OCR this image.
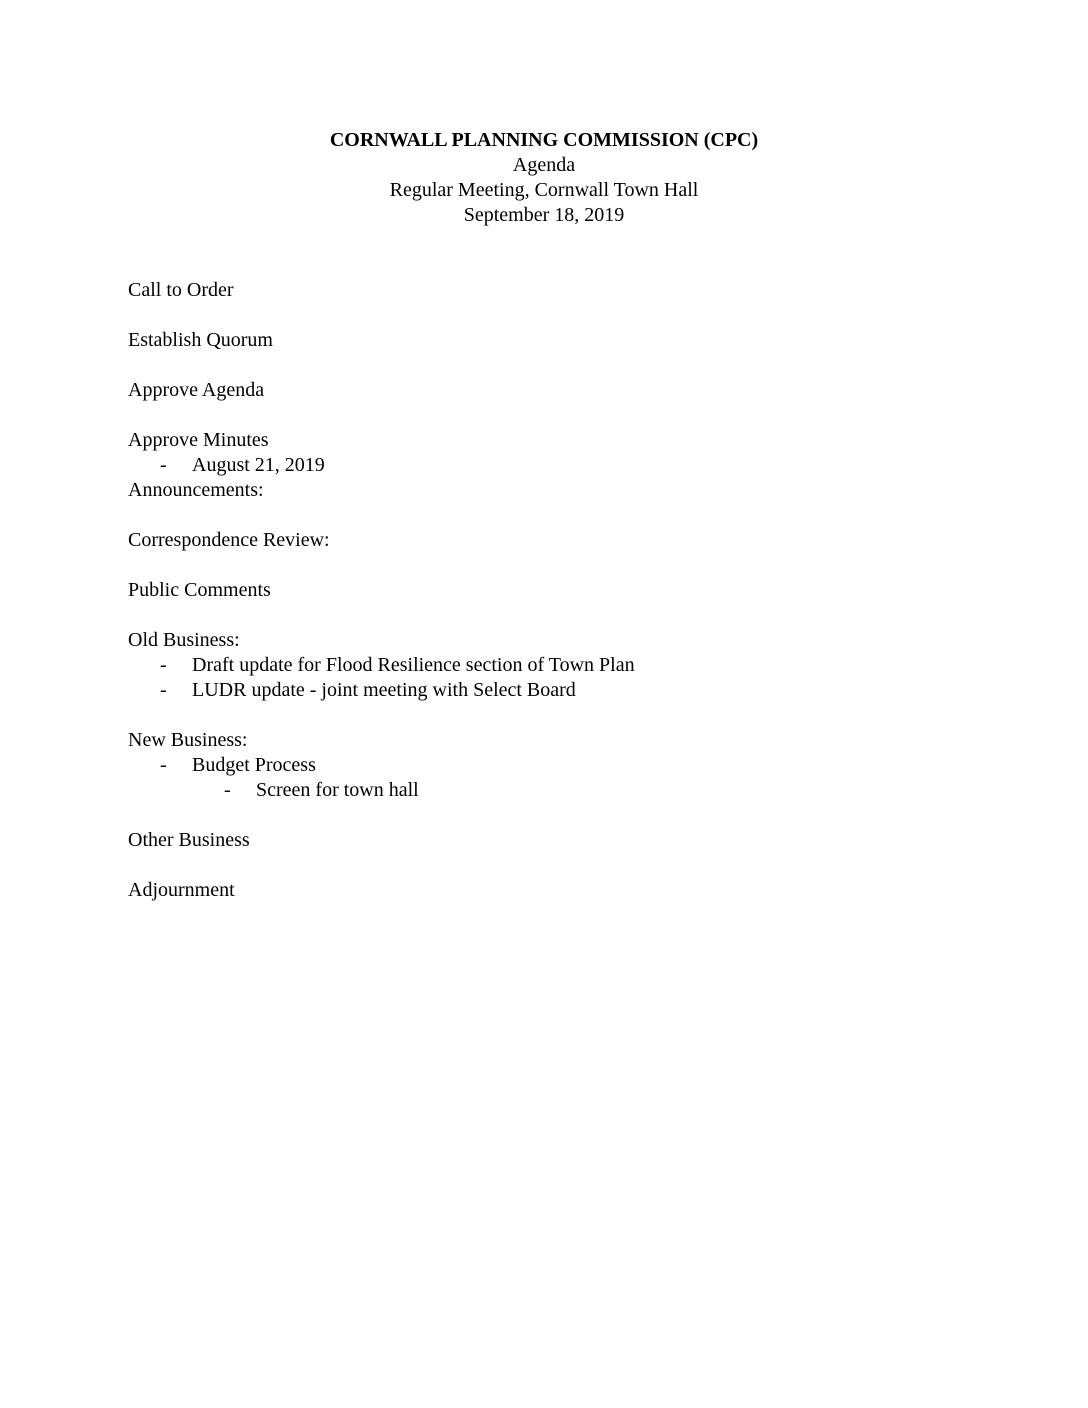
CORNWALL PLANNING COMMISSION (CPC)
Agenda
Regular Meeting, Cornwall Town Hall
September 18, 2019
Call to Order
Establish Quorum
Approve Agenda
Approve Minutes
- August 21, 2019
Announcements:
Correspondence Review:
Public Comments
Old Business:
- Draft update for Flood Resilience section of Town Plan
- LUDR update - joint meeting with Select Board
New Business:
- Budget Process
- Screen for town hall
Other Business
Adjournment
